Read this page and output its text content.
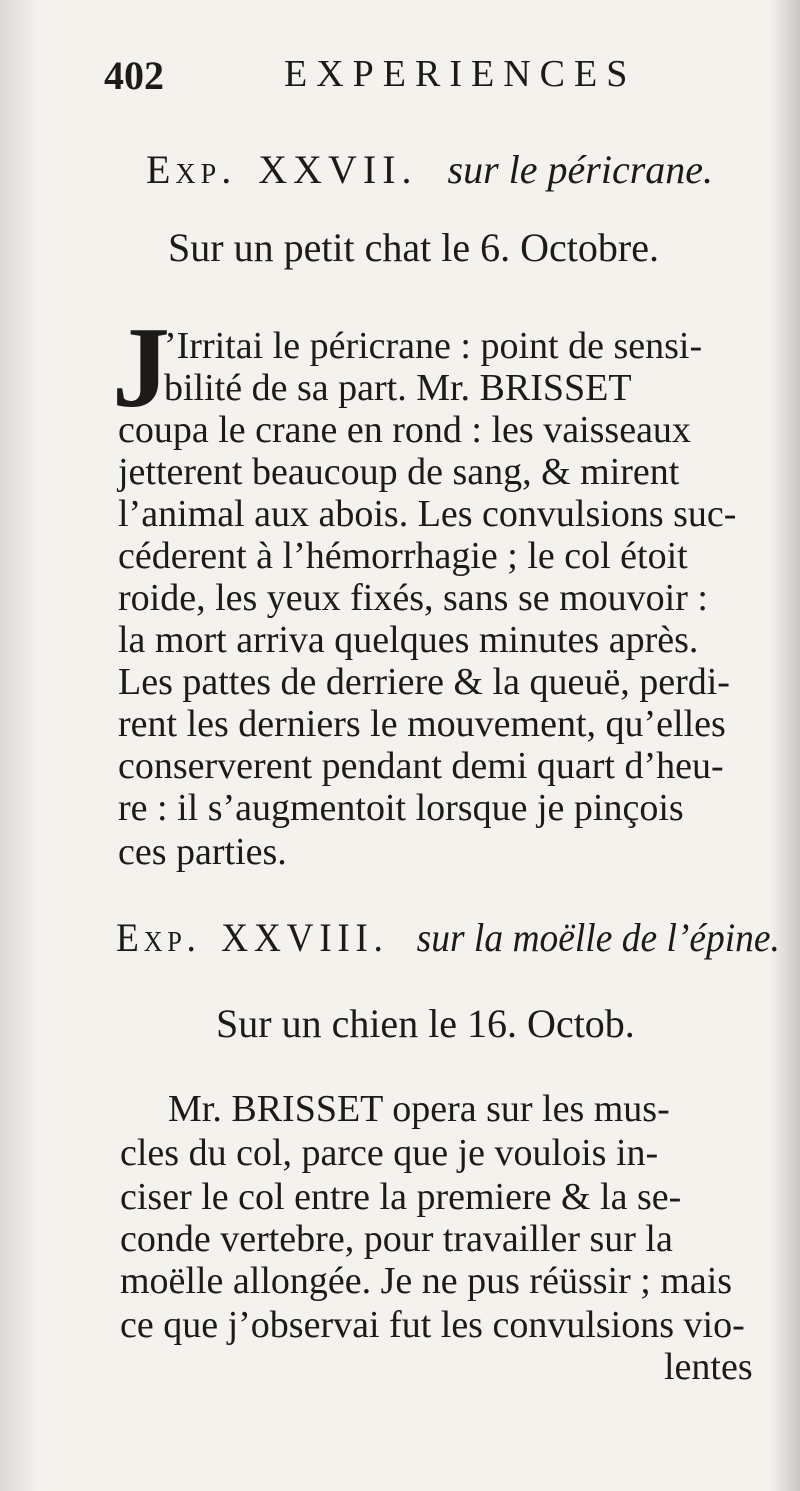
402	EXPERIENCES
Exp. XXVII. sur le péricrane.
Sur un petit chat le 6. Octobre.
J
’Irritai le péricrane : point de sensi-
bilité de sa part. Mr. BRISSET
coupa le crane en rond : les vaisseaux
jetterent beaucoup de sang, & mirent
l’animal aux abois. Les convulsions suc-
céderent à l’hémorrhagie ; le col étoit
roide, les yeux fixés, sans se mouvoir :
la mort arriva quelques minutes après.
Les pattes de derriere & la queuë, perdi-
rent les derniers le mouvement, qu’elles
conserverent pendant demi quart d’heu-
re : il s’augmentoit lorsque je pinçois
ces parties.
Exp. XXVIII. sur la moëlle de l’épine.
Sur un chien le 16. Octob.
Mr. BRISSET opera sur les mus-
cles du col, parce que je voulois in-
ciser le col entre la premiere & la se-
conde vertebre, pour travailler sur la
moëlle allongée. Je ne pus réüssir ; mais
ce que j’observai fut les convulsions vio-
lentes
